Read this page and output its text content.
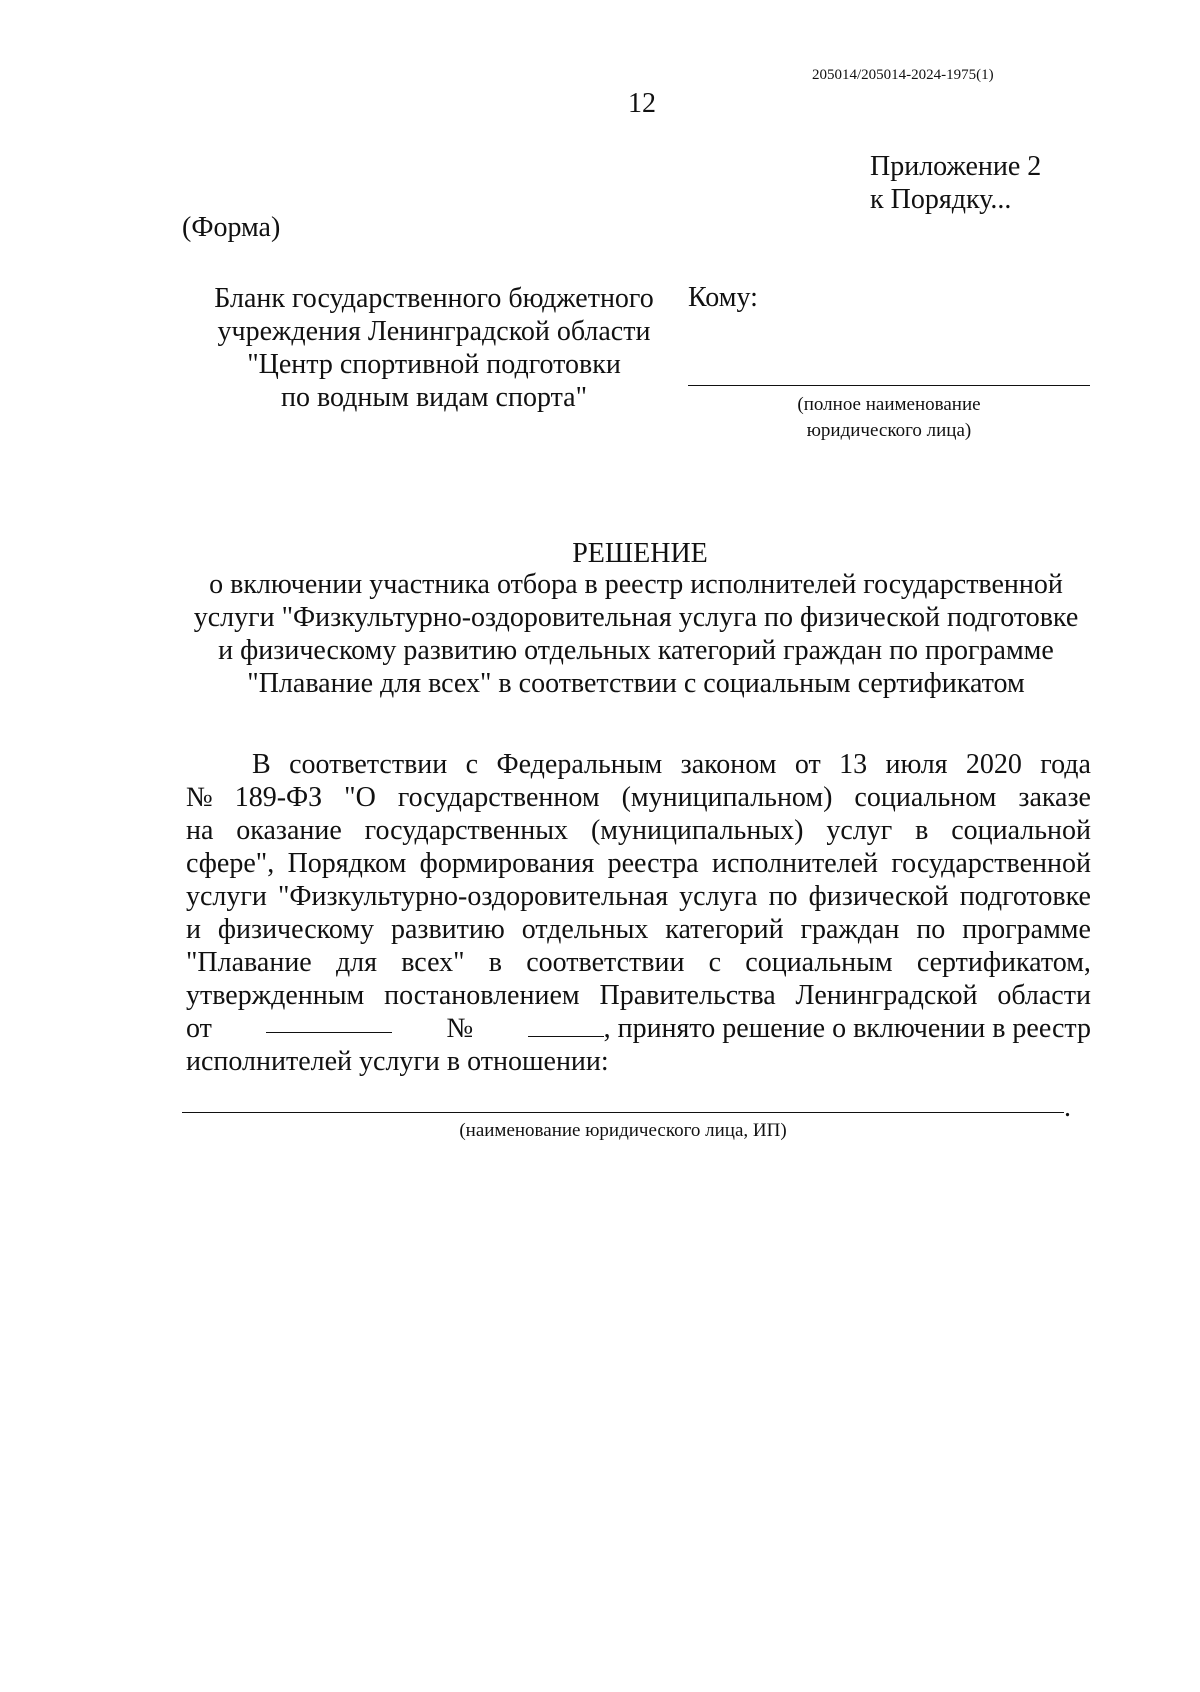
205014/205014-2024-1975(1)
12
Приложение 2
к Порядку...
(Форма)
Бланк государственного бюджетного
учреждения Ленинградской области
"Центр спортивной подготовки
по водным видам спорта"
Кому:
(полное наименование
юридического лица)
РЕШЕНИЕ
о включении участника отбора в реестр исполнителей государственной
услуги "Физкультурно-оздоровительная услуга по физической подготовке
и физическому развитию отдельных категорий граждан по программе
"Плавание для всех" в соответствии с социальным сертификатом
В соответствии с Федеральным законом от 13 июля 2020 года
№ 189-ФЗ "О государственном (муниципальном) социальном заказе
на оказание государственных (муниципальных) услуг в социальной
сфере", Порядком формирования реестра исполнителей государственной
услуги "Физкультурно-оздоровительная услуга по физической подготовке
и физическому развитию отдельных категорий граждан по программе
"Плавание для всех" в соответствии с социальным сертификатом,
утвержденным постановлением Правительства Ленинградской области
от	№	, принято решение о включении в реестр
исполнителей услуги в отношении:
.
(наименование юридического лица, ИП)
